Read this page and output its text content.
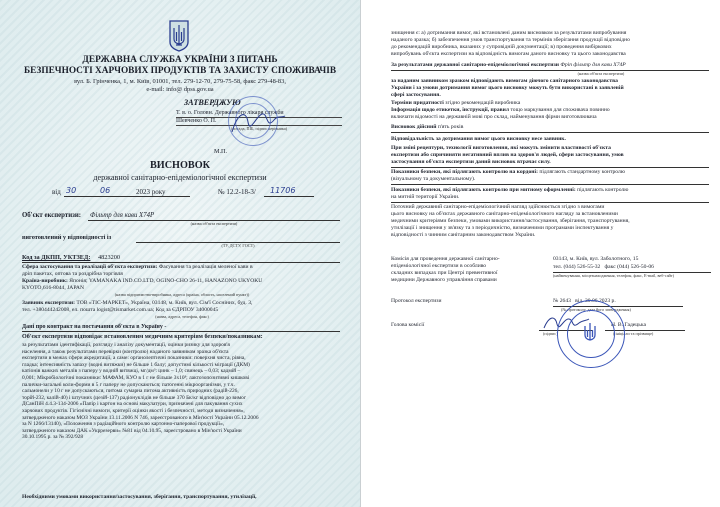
ДЕРЖАВНА СЛУЖБА УКРАЇНИ З ПИТАНЬ
БЕЗПЕЧНОСТІ ХАРЧОВИХ ПРОДУКТІВ ТА ЗАХИСТУ СПОЖИВАЧІВ
вул. Б. Грінченка, 1, м. Київ, 01001, тел. 279-12-70, 279-75-58, факс 279-48-83,
e-mail: info@ dpss.gov.ua
ЗАТВЕРДЖУЮ
Т. в. о. Головн. Державного лікаря служби
Шевченко О. П.
(посада, ПІБ, підпис керівника)
М.П.
ВИСНОВОК
державної санітарно-епідеміологічної експертизи
від 30	06	2023 року	№ 12.2-18-3/ 11706
Об'єкт експертизи: Фільтр для кави Х74Р
(назва об'єкта експертизи)
виготовлений у відповідності із
(ТУ, ДСТУ, ГОСТ)
Код за ДКПП, УКТЗЕД: 4823200
Сфера застосування та реалізації об'єкта експертизи: Фасування та реалізація меленої кави в
дріп пакетах, оптова та роздрібна торгівля
Країна-виробник: Японія; YAMANAKA IND.CO.LTD, OGINO-CHO 26-11, HANAZONO UKYOKU
KYOTO,616-8044, JAPAN
(назва підприємства-виробника, адреса (країна, область, населений пункт))
Заявник експертизи: ТОВ «ТІС-МАРКЕТ», Україна, 03148, м. Київ, вул. Сім'ї Сосніних, буд. 3,
тел. +380444242008, ел. пошта logist@tismarket.com.ua; Код за ЄДРПОУ 34000045
(назва, адреса, телефон, факс)
Дані про контракт на постачання об'єкта в Україну -
Об'єкт експертизи відповідає встановленим медичним критеріям безпеки/показникам:
за результатами ідентифікації, розгляду і аналізу документації, оцінки ризику для здоров'я
населення, а також результатами перевірки (контролю) наданого заявником зразка об'єкта
експертизи в межах сфери акредитації, а саме: органолептичні показники: поверхня чиста, рівна,
гладка; інтенсивність запаху (водні витяжки) не більше 1 балу; допустимі кількості міграції (ДКМ)
катіонів важких металів з паперу у водній витяжці, мг/дм³: цинк – 1,0; свинець – 0,03; кадмій –
0,001; Мікробіологічні показники: МАФАМ, КУО в 1 г не більше 3х10³; лактозопозитивні кишкові
палички-загальні коли-форми в 5 г паперу не допускаються; патогенні мікроорганізми, у т.ч.
сальмонели у 10 г не допускаються, питома сумарна питома активність природних (радій-226,
торій-232, калій-40) і штучних (цезій-137) радіонуклідів не більше 370 Бк/кг відповідно до вимог
ДСанПіН 4.4.3-134-2006 «Папір і картон на основі макулатури, призначені для пакування сухих
харчових продуктів. Гігієнічні вимоги, критерії оцінки якості і безпечності, методи визначення»,
затвердженого наказом МОЗ України 13.11.2006 N 746, зареєстрованого в Мін'юсті України 05.12.2006
за N 1266/13140), «Положення з радіаційного контролю картонно-паперової продукції»,
затвердженого наказом ДАК «Укррезерви» №81 від 04.10.95, зареєстровано в Мін'юсті України
30.10.1995 р. за № 392/928
Необхідними умовами використання/застосування, зберігання, транспортування, утилізації,
знищення є: а) дотримання вимог, які встановлені даним висновком за результатами випробування
наданого зразка; б) забезпечення умов транспортування та термінів зберігання продукції відповідно
до рекомендацій виробника, вказаних у супровідній документації; в) проведення вибіркових
випробувань об'єкта експертизи на відповідність вимогам даного висновку та цього законодавства
За результатами державної санітарно-епідеміологічної експертизи Фріп фільтр для кави Х74Р
(назва об'єкта експертизи)
за наданим заявником зразком відповідають вимогам діючого санітарного законодавства
України і за умови дотримання вимог цього висновку можуть бути використані в заявленій
сфері застосування.
Терміни придатності згідно рекомендацій виробника
Інформація щодо етикетки, інструкції, правил тощо маркування для споживача повинно
включати відомості на державній мові про склад, найменування фірми виготовлювача
Висновок дійсний п'ять років
Відповідальність за дотримання вимог цього висновку несе заявник.
При зміні рецептури, технології виготовлення, які можуть змінити властивості об'єкта
експертизи або спричиняти негативний вплив на здоров'я людей, сфери застосування, умов
застосування об'єкта експертизи даний висновок втрачає силу.
Показники безпеки, які підлягають контролю на кордоні: підлягають стандартному контролю
(візуальному та документальному).
Показники безпеки, які підлягають контролю при митному оформленні: підлягають контролю
на митній території України.
Поточний державний санітарно-епідеміологічний нагляд здійснюється згідно з вимогами
цього висновку на об'єктах державного санітарно-епідеміологічного нагляду за встановленими
медичними критеріями безпеки, умовами використання/застосування, зберігання, транспортування,
утилізації і знищення у зв'язку та з періодичністю, визначеними програмами інспектування у
відповідності з чинним санітарним законодавством України.
Комісія для проведення державної санітарно-
епідеміологічної експертизи в особливо
складних випадках при Центрі превентивної
медицини Державного управління справами
03143, м. Київ, вул. Заболотного, 15
тел. (044) 526-55-32 факс (044) 526-50-06
(найменування, місцезнаходження, телефон, факс, E-mail, веб-сайт)
Протокол експертизи	№ 2643 від 30.06.2023 р.
(№ протоколу, дата його затвердження)
Голова комісії
(підпис)
Н. В. Гадецька
( ініціали та прізвище)
